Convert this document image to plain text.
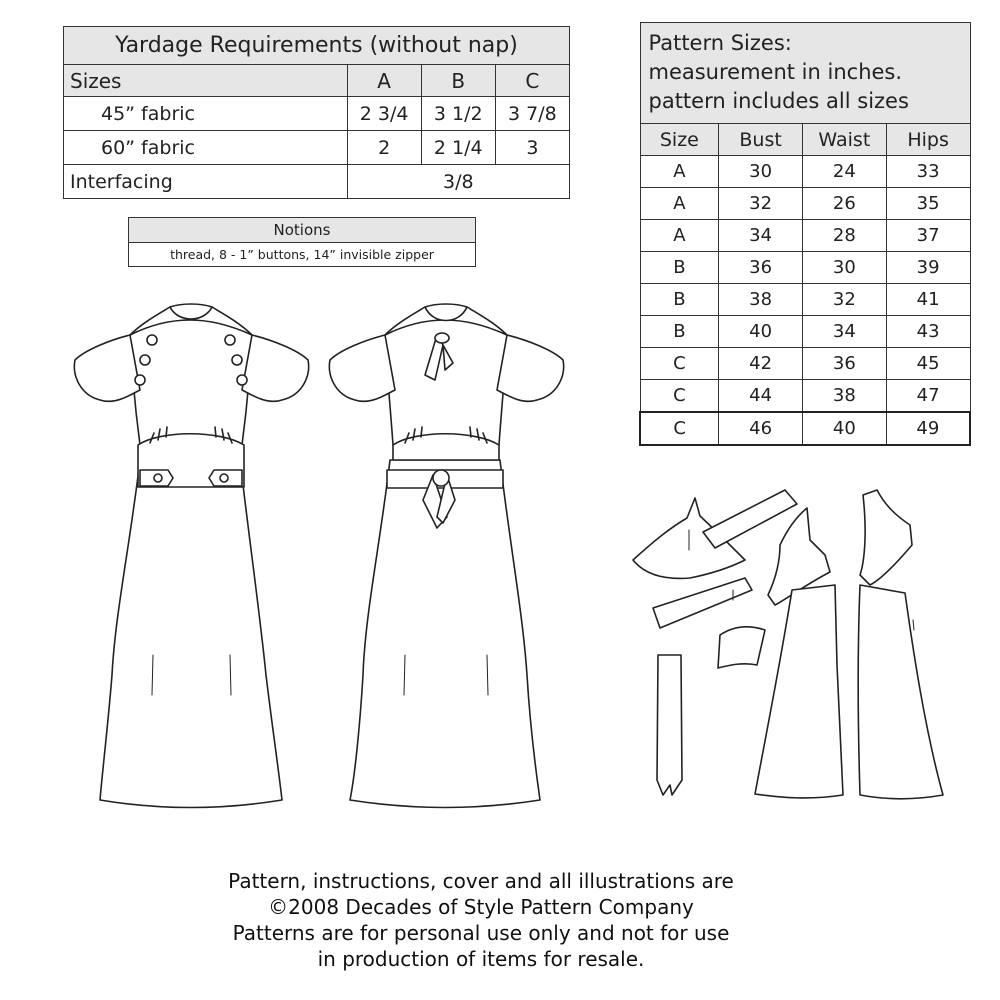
Yardage Requirements (without nap)			
Sizes	A	B	C
45” fabric	2 3/4	3 1/2	3 7/8
60” fabric	2	2 1/4	3
Interfacing	3/8		
Notions
thread, 8 - 1” buttons, 14” invisible zipper
Pattern Sizes:
measurement in inches.
pattern includes all sizes			

Size	Bust	Waist	Hips
A	30	24	33
A	32	26	35
A	34	28	37
B	36	30	39
B	38	32	41
B	40	34	43
C	42	36	45
C	44	38	47
C	46	40	49
Pattern, instructions, cover and all illustrations are
©2008 Decades of Style Pattern Company
Patterns are for personal use only and not for use
in production of items for resale.
